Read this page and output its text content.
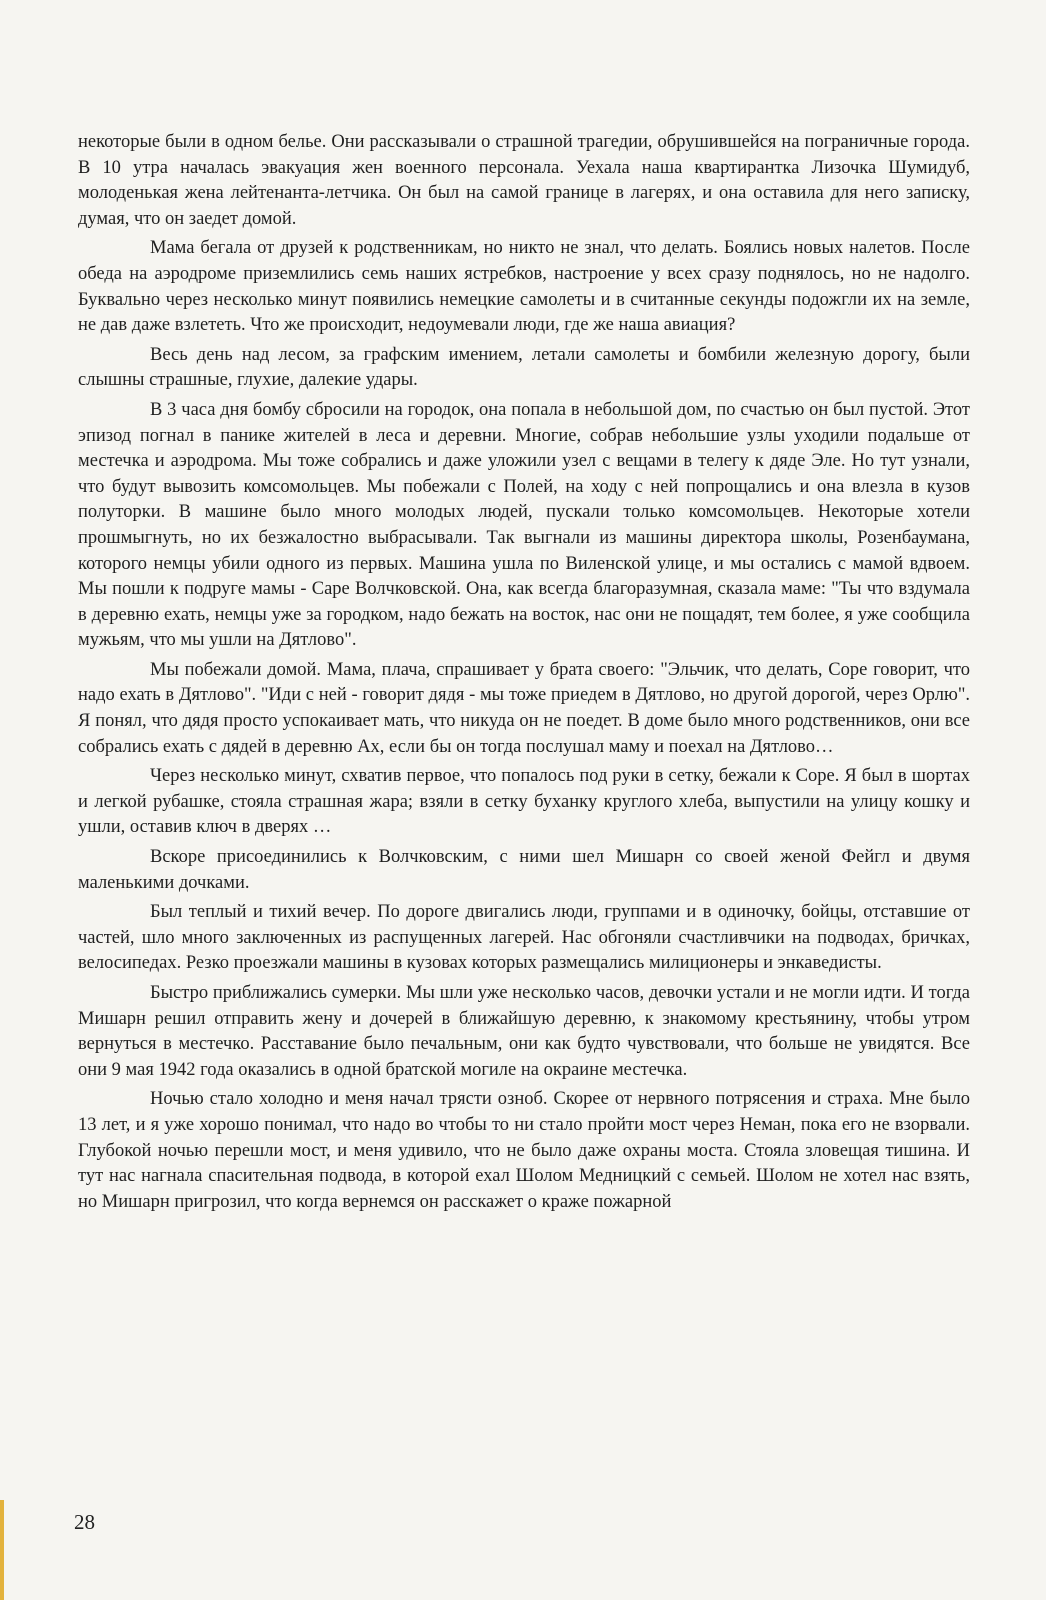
некоторые были в одном белье. Они рассказывали о страшной трагедии, обрушившейся на пограничные города. В 10 утра началась эвакуация жен военного персонала. Уехала наша квартирантка Лизочка Шумидуб, молоденькая жена лейтенанта-летчика. Он был на самой границе в лагерях, и она оставила для него записку, думая, что он заедет домой.

Мама бегала от друзей к родственникам, но никто не знал, что делать. Боялись новых налетов. После обеда на аэродроме приземлились семь наших ястребков, настроение у всех сразу поднялось, но не надолго. Буквально через несколько минут появились немецкие самолеты и в считанные секунды подожгли их на земле, не дав даже взлететь. Что же происходит, недоумевали люди, где же наша авиация?

Весь день над лесом, за графским имением, летали самолеты и бомбили железную дорогу, были слышны страшные, глухие, далекие удары.

В 3 часа дня бомбу сбросили на городок, она попала в небольшой дом, по счастью он был пустой. Этот эпизод погнал в панике жителей в леса и деревни. Многие, собрав небольшие узлы уходили подальше от местечка и аэродрома. Мы тоже собрались и даже уложили узел с вещами в телегу к дяде Эле. Но тут узнали, что будут вывозить комсомольцев. Мы побежали с Полей, на ходу с ней попрощались и она влезла в кузов полуторки. В машине было много молодых людей, пускали только комсомольцев. Некоторые хотели прошмыгнуть, но их безжалостно выбрасывали. Так выгнали из машины директора школы, Розенбаумана, которого немцы убили одного из первых. Машина ушла по Виленской улице, и мы остались с мамой вдвоем. Мы пошли к подруге мамы - Саре Волчковской. Она, как всегда благоразумная, сказала маме: "Ты что вздумала в деревню ехать, немцы уже за городком, надо бежать на восток, нас они не пощадят, тем более, я уже сообщила мужьям, что мы ушли на Дятлово".

Мы побежали домой. Мама, плача, спрашивает у брата своего: "Эльчик, что делать, Соре говорит, что надо ехать в Дятлово". "Иди с ней - говорит дядя - мы тоже приедем в Дятлово, но другой дорогой, через Орлю". Я понял, что дядя просто успокаивает мать, что никуда он не поедет. В доме было много родственников, они все собрались ехать с дядей в деревню Ах, если бы он тогда послушал маму и поехал на Дятлово…

Через несколько минут, схватив первое, что попалось под руки в сетку, бежали к Соре. Я был в шортах и легкой рубашке, стояла страшная жара; взяли в сетку буханку круглого хлеба, выпустили на улицу кошку и ушли, оставив ключ в дверях …

Вскоре присоединились к Волчковским, с ними шел Мишарн со своей женой Фейгл и двумя маленькими дочками.

Был теплый и тихий вечер. По дороге двигались люди, группами и в одиночку, бойцы, отставшие от частей, шло много заключенных из распущенных лагерей. Нас обгоняли счастливчики на подводах, бричках, велосипедах. Резко проезжали машины в кузовах которых размещались милиционеры и энкаведисты.

Быстро приближались сумерки. Мы шли уже несколько часов, девочки устали и не могли идти. И тогда Мишарн решил отправить жену и дочерей в ближайшую деревню, к знакомому крестьянину, чтобы утром вернуться в местечко. Расставание было печальным, они как будто чувствовали, что больше не увидятся. Все они 9 мая 1942 года оказались в одной братской могиле на окраине местечка.

Ночью стало холодно и меня начал трясти озноб. Скорее от нервного потрясения и страха. Мне было 13 лет, и я уже хорошо понимал, что надо во чтобы то ни стало пройти мост через Неман, пока его не взорвали. Глубокой ночью перешли мост, и меня удивило, что не было даже охраны моста. Стояла зловещая тишина. И тут нас нагнала спасительная подвода, в которой ехал Шолом Медницкий с семьей. Шолом не хотел нас взять, но Мишарн пригрозил, что когда вернемся он расскажет о краже пожарной

28
